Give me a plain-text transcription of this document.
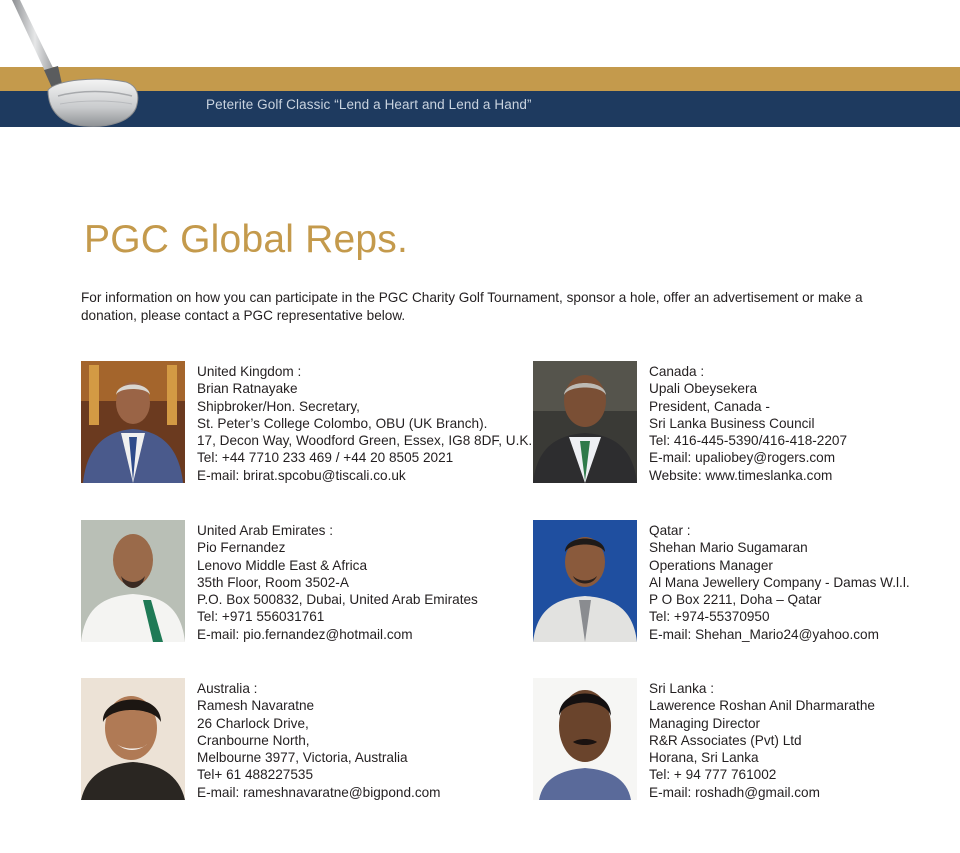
Peterite Golf Classic “Lend a Heart and Lend a Hand”
PGC Global Reps.

For information on how you can participate in the PGC Charity Golf Tournament, sponsor a hole, offer an advertisement or make a donation, please contact a PGC representative below.

United Kingdom :
Brian Ratnayake
Shipbroker/Hon. Secretary,
St. Peter’s College Colombo, OBU (UK Branch).
17, Decon Way, Woodford Green, Essex, IG8 8DF, U.K.
Tel: +44 7710 233 469 / +44 20 8505 2021
E-mail: brirat.spcobu@tiscali.co.uk
Canada :
Upali Obeysekera
President, Canada -
Sri Lanka Business Council
Tel: 416-445-5390/416-418-2207
E-mail: upaliobey@rogers.com
Website: www.timeslanka.com
United Arab Emirates :
Pio Fernandez
Lenovo Middle East & Africa
35th Floor, Room 3502-A
P.O. Box 500832, Dubai, United Arab Emirates
Tel: +971 556031761
E-mail: pio.fernandez@hotmail.com
Qatar :
Shehan Mario Sugamaran
Operations Manager
Al Mana Jewellery Company - Damas W.l.l.
P O Box 2211, Doha – Qatar
Tel: +974-55370950
E-mail: Shehan_Mario24@yahoo.com
Australia :
Ramesh Navaratne
26 Charlock Drive,
Cranbourne North,
Melbourne 3977, Victoria, Australia
Tel+ 61 488227535
E-mail: rameshnavaratne@bigpond.com
Sri Lanka :
Lawerence Roshan Anil Dharmarathe
Managing Director
R&R Associates (Pvt) Ltd
Horana, Sri Lanka
Tel: + 94 777 761002
E-mail: roshadh@gmail.com
